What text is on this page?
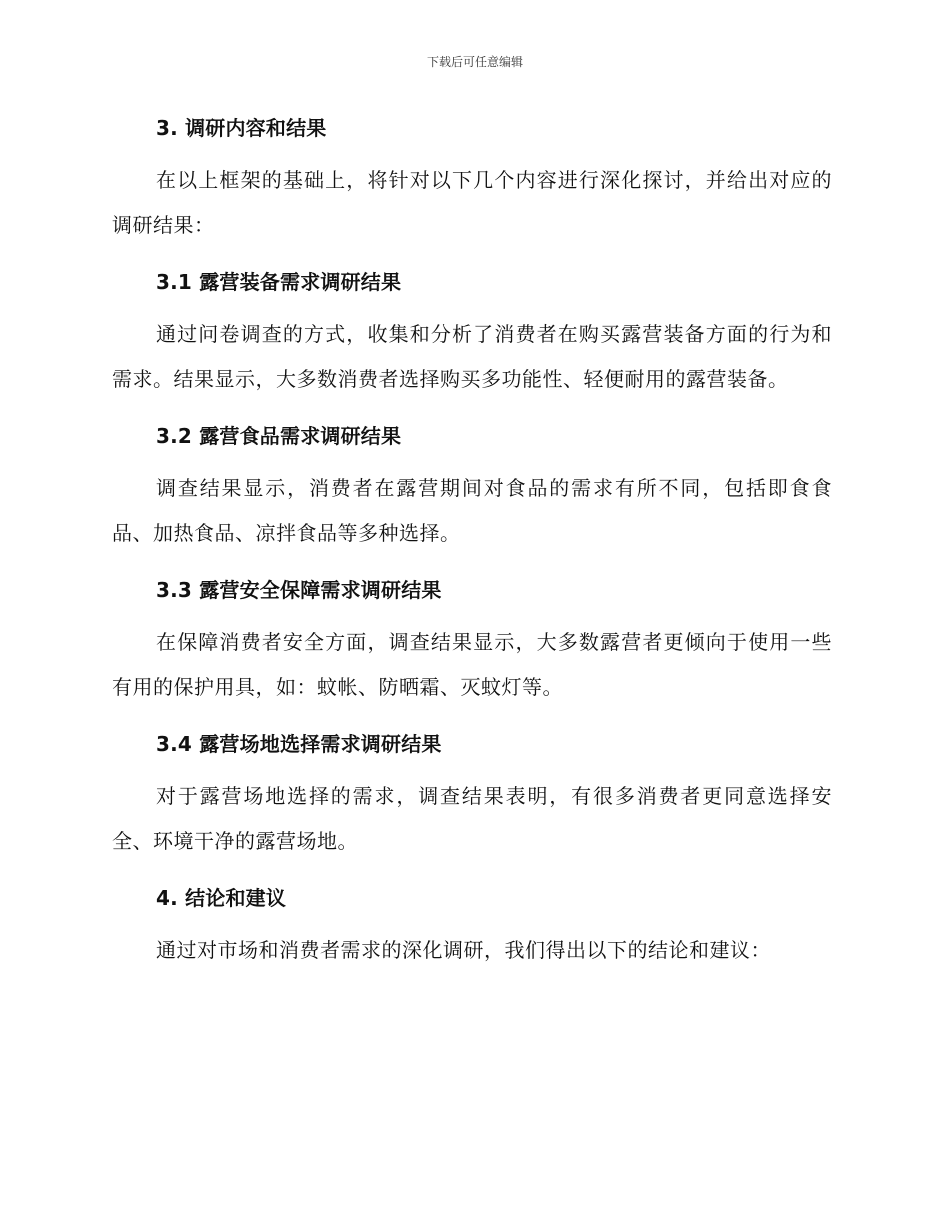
下载后可任意编辑
3. 调研内容和结果

在以上框架的基础上，将针对以下几个内容进行深化探讨，并给出对应的调研结果：

3.1 露营装备需求调研结果

通过问卷调查的方式，收集和分析了消费者在购买露营装备方面的行为和需求。结果显示，大多数消费者选择购买多功能性、轻便耐用的露营装备。

3.2 露营食品需求调研结果

调查结果显示，消费者在露营期间对食品的需求有所不同，包括即食食品、加热食品、凉拌食品等多种选择。

3.3 露营安全保障需求调研结果

在保障消费者安全方面，调查结果显示，大多数露营者更倾向于使用一些有用的保护用具，如：蚊帐、防晒霜、灭蚊灯等。

3.4 露营场地选择需求调研结果

对于露营场地选择的需求，调查结果表明，有很多消费者更同意选择安全、环境干净的露营场地。

4. 结论和建议

通过对市场和消费者需求的深化调研，我们得出以下的结论和建议：
